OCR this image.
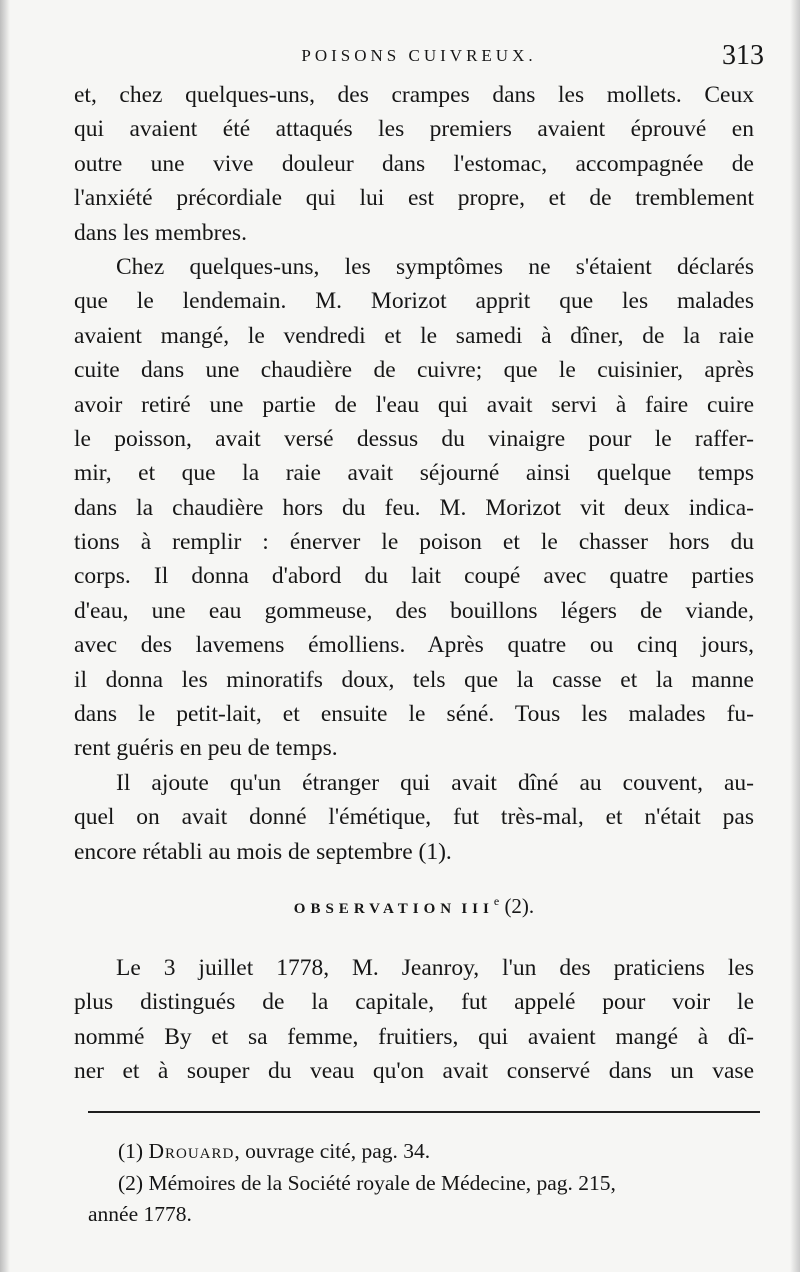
POISONS CUIVREUX.	313
et, chez quelques-uns, des crampes dans les mollets. Ceux
qui avaient été attaqués les premiers avaient éprouvé en
outre une vive douleur dans l'estomac, accompagnée de
l'anxiété précordiale qui lui est propre, et de tremblement
dans les membres.
Chez quelques-uns, les symptômes ne s'étaient déclarés
que le lendemain. M. Morizot apprit que les malades
avaient mangé, le vendredi et le samedi à dîner, de la raie
cuite dans une chaudière de cuivre; que le cuisinier, après
avoir retiré une partie de l'eau qui avait servi à faire cuire
le poisson, avait versé dessus du vinaigre pour le raffer-
mir, et que la raie avait séjourné ainsi quelque temps
dans la chaudière hors du feu. M. Morizot vit deux indica-
tions à remplir : énerver le poison et le chasser hors du
corps. Il donna d'abord du lait coupé avec quatre parties
d'eau, une eau gommeuse, des bouillons légers de viande,
avec des lavemens émolliens. Après quatre ou cinq jours,
il donna les minoratifs doux, tels que la casse et la manne
dans le petit-lait, et ensuite le séné. Tous les malades fu-
rent guéris en peu de temps.
Il ajoute qu'un étranger qui avait dîné au couvent, au-
quel on avait donné l'émétique, fut très-mal, et n'était pas
encore rétabli au mois de septembre (1).
OBSERVATION IIIe (2).
Le 3 juillet 1778, M. Jeanroy, l'un des praticiens les
plus distingués de la capitale, fut appelé pour voir le
nommé By et sa femme, fruitiers, qui avaient mangé à dî-
ner et à souper du veau qu'on avait conservé dans un vase
(1) Drouard, ouvrage cité, pag. 34.
(2) Mémoires de la Société royale de Médecine, pag. 215,
année 1778.
